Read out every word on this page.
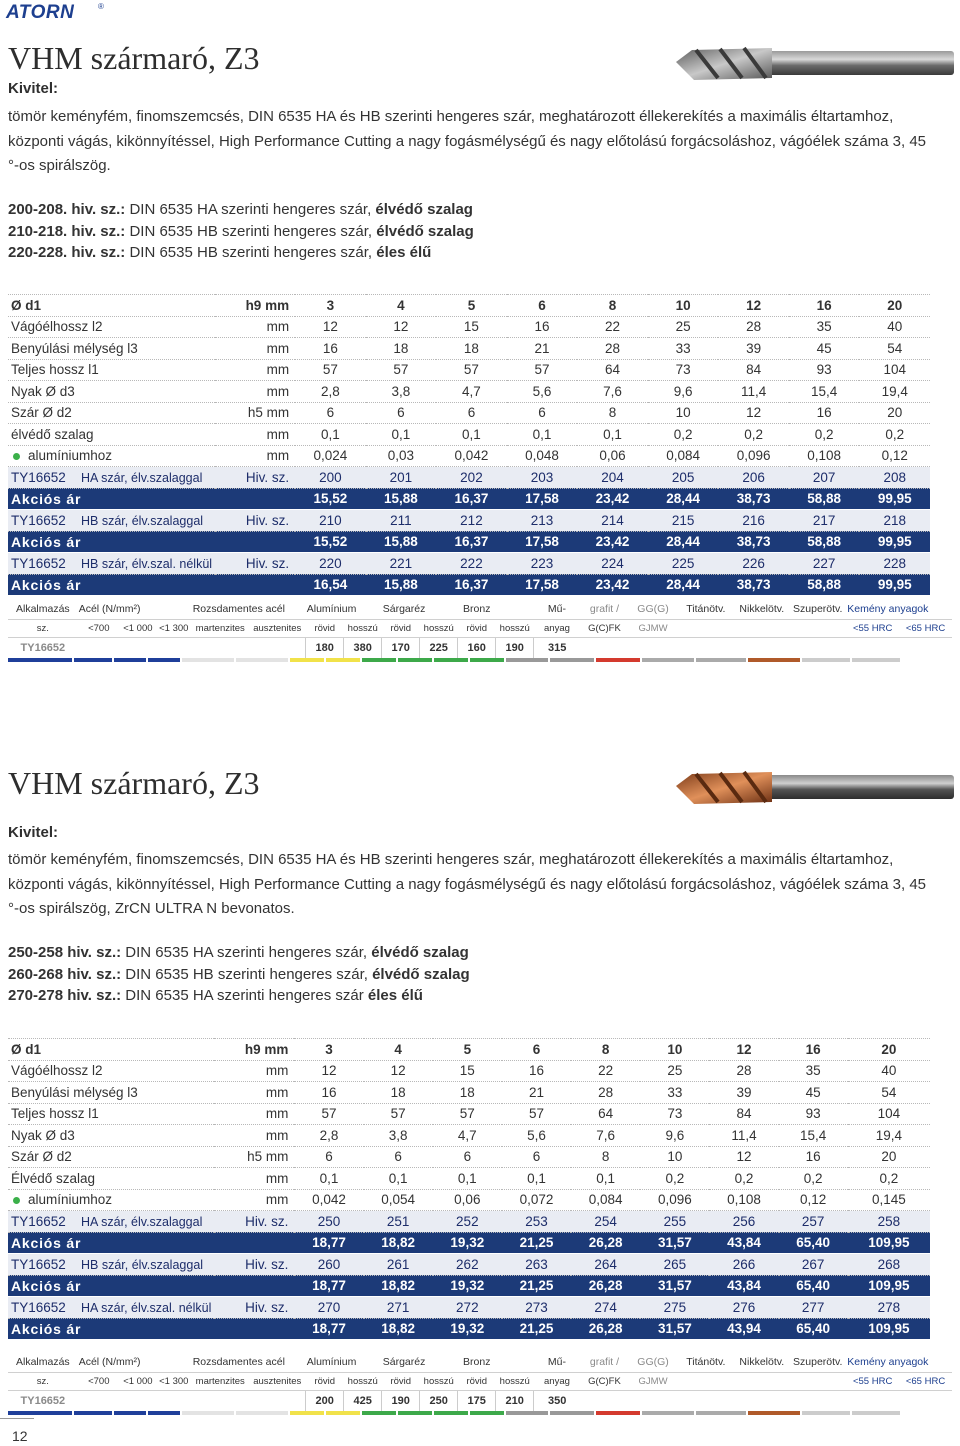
ATORN	®
VHM szármaró, Z3
Kivitel:

tömör keményfém, finomszemcsés, DIN 6535 HA és HB szerinti hengeres szár, meghatározott éllekerekítés a maximális éltartamhoz, központi vágás, kikönnyítéssel, High Performance Cutting a nagy fogásmélységű és nagy előtolású forgácsoláshoz, vágóélek száma 3, 45 °-os spirálszög.

200-208. hiv. sz.: DIN 6535 HA szerinti hengeres szár, élvédő szalag
210-218. hiv. sz.: DIN 6535 HB szerinti hengeres szár, élvédő szalag
220-228. hiv. sz.: DIN 6535 HB szerinti hengeres szár, éles élű
Ø d1	h9 mm	3	4	5	6	8	10	12	16	20
Vágóélhossz l2	mm	12	12	15	16	22	25	28	35	40
Benyúlási mélység l3	mm	16	18	18	21	28	33	39	45	54
Teljes hossz l1	mm	57	57	57	57	64	73	84	93	104
Nyak Ø d3	mm	2,8	3,8	4,7	5,6	7,6	9,6	11,4	15,4	19,4
Szár Ø d2	h5 mm	6	6	6	6	8	10	12	16	20
élvédő szalag	mm	0,1	0,1	0,1	0,1	0,1	0,2	0,2	0,2	0,2
alumíniumhoz	mm	0,024	0,03	0,042	0,048	0,06	0,084	0,096	0,108	0,12
TY16652 HA szár, élv.szalaggal	Hiv. sz.	200	201	202	203	204	205	206	207	208
Akciós ár		15,52	15,88	16,37	17,58	23,42	28,44	38,73	58,88	99,95
TY16652 HB szár, élv.szalaggal	Hiv. sz.	210	211	212	213	214	215	216	217	218
Akciós ár		15,52	15,88	16,37	17,58	23,42	28,44	38,73	58,88	99,95
TY16652 HB szár, élv.szal. nélkül	Hiv. sz.	220	221	222	223	224	225	226	227	228
Akciós ár		16,54	15,88	16,37	17,58	23,42	28,44	38,73	58,88	99,95
Alkalmazás	Acél (N/mm²)			Rozsdamentes acél		Alumínium		Sárgaréz		Bronz		Mű-	grafit /	GG(G)	Titánötv.	Nikkelötv.	Szuperötv.	Kemény anyagok	
sz.	<700	<1 000	<1 300	martenzites	ausztenites	rövid	hosszú	rövid	hosszú	rövid	hosszú	anyag	G(C)FK	GJMW				<55 HRC	<65 HRC
TY16652						180	380	170	225	160	190	315							
VHM szármaró, Z3
Kivitel:

tömör keményfém, finomszemcsés, DIN 6535 HA és HB szerinti hengeres szár, meghatározott éllekerekítés a maximális éltartamhoz, központi vágás, kikönnyítéssel, High Performance Cutting a nagy fogásmélységű és nagy előtolású forgácsoláshoz, vágóélek száma 3, 45 °-os spirálszög, ZrCN ULTRA N bevonatos.

250-258 hiv. sz.: DIN 6535 HA szerinti hengeres szár, élvédő szalag
260-268 hiv. sz.: DIN 6535 HB szerinti hengeres szár, élvédő szalag
270-278 hiv. sz.: DIN 6535 HA szerinti hengeres szár éles élű
Ø d1	h9 mm	3	4	5	6	8	10	12	16	20
Vágóélhossz l2	mm	12	12	15	16	22	25	28	35	40
Benyúlási mélység l3	mm	16	18	18	21	28	33	39	45	54
Teljes hossz l1	mm	57	57	57	57	64	73	84	93	104
Nyak Ø d3	mm	2,8	3,8	4,7	5,6	7,6	9,6	11,4	15,4	19,4
Szár Ø d2	h5 mm	6	6	6	6	8	10	12	16	20
Élvédő szalag	mm	0,1	0,1	0,1	0,1	0,1	0,2	0,2	0,2	0,2
alumíniumhoz	mm	0,042	0,054	0,06	0,072	0,084	0,096	0,108	0,12	0,145
TY16652 HA szár, élv.szalaggal	Hiv. sz.	250	251	252	253	254	255	256	257	258
Akciós ár		18,77	18,82	19,32	21,25	26,28	31,57	43,84	65,40	109,95
TY16652 HB szár, élv.szalaggal	Hiv. sz.	260	261	262	263	264	265	266	267	268
Akciós ár		18,77	18,82	19,32	21,25	26,28	31,57	43,84	65,40	109,95
TY16652 HA szár, élv.szal. nélkül	Hiv. sz.	270	271	272	273	274	275	276	277	278
Akciós ár		18,77	18,82	19,32	21,25	26,28	31,57	43,94	65,40	109,95
Alkalmazás	Acél (N/mm²)			Rozsdamentes acél		Alumínium		Sárgaréz		Bronz		Mű-	grafit /	GG(G)	Titánötv.	Nikkelötv.	Szuperötv.	Kemény anyagok	
sz.	<700	<1 000	<1 300	martenzites	ausztenites	rövid	hosszú	rövid	hosszú	rövid	hosszú	anyag	G(C)FK	GJMW				<55 HRC	<65 HRC
TY16652						200	425	190	250	175	210	350							
12
